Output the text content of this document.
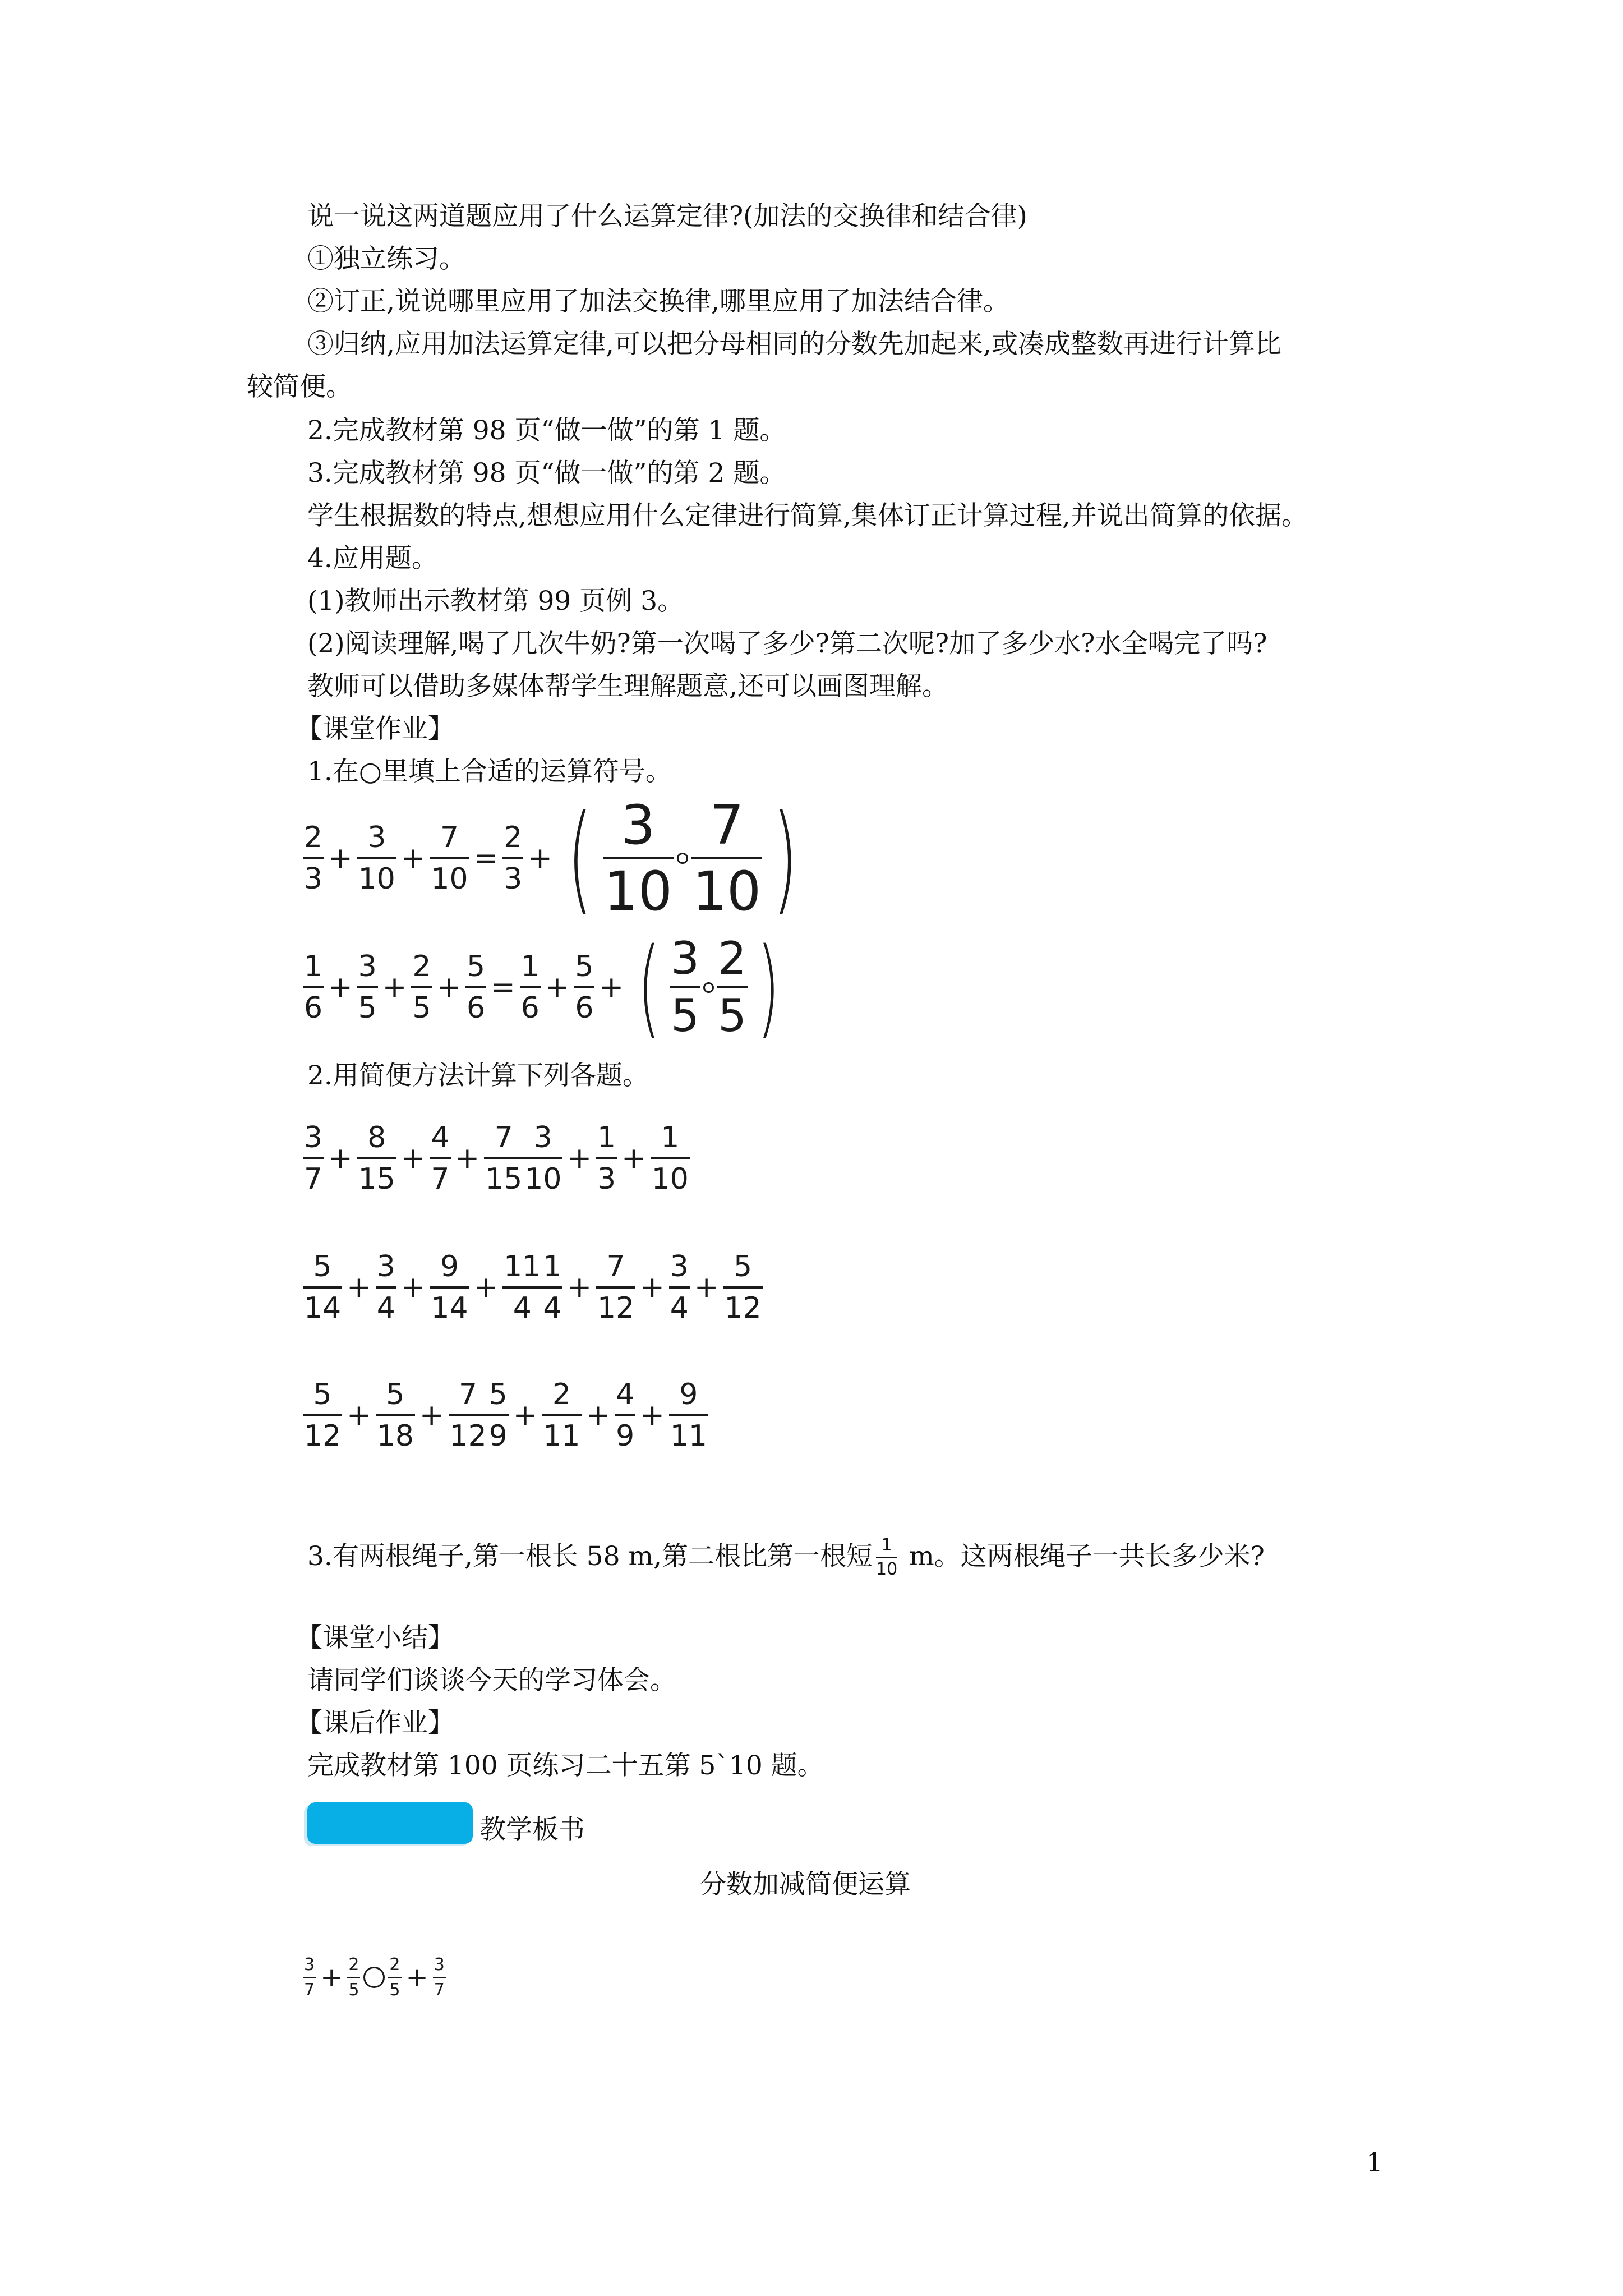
说一说这两道题应用了什么运算定律?(加法的交换律和结合律)
①独立练习。
②订正,说说哪里应用了加法交换律,哪里应用了加法结合律。
③归纳,应用加法运算定律,可以把分母相同的分数先加起来,或凑成整数再进行计算比
较简便。
2.完成教材第 98 页“做一做”的第 1 题。
3.完成教材第 98 页“做一做”的第 2 题。
学生根据数的特点,想想应用什么定律进行简算,集体订正计算过程,并说出简算的依据。
4.应用题。
(1)教师出示教材第 99 页例 3。
(2)阅读理解,喝了几次牛奶?第一次喝了多少?第二次呢?加了多少水?水全喝完了吗?
教师可以借助多媒体帮学生理解题意,还可以画图理解。
【课堂作业】
1.在○里填上合适的运算符号。
$\frac{2}{3} + \frac{3}{10} + \frac{7}{10} = \frac{2}{3}$ + ( $\frac{3}{10} \frac{7}{10}$ )
$\frac{1}{6} + \frac{3}{5} + \frac{2}{5} + \frac{5}{6} = \frac{1}{6} + \frac{5}{6}$ + ( $\frac{3}{5} \frac{2}{5}$ )
2.用简便方法计算下列各题。
$\frac{3}{7} + \frac{8}{15} + \frac{4}{7} + \frac{7}{15} \frac{3}{10} + \frac{1}{3} + \frac{1}{10}$
$\frac{5}{14} + \frac{3}{4} + \frac{9}{14} + \frac{11}{4} \frac{1}{4} + \frac{7}{12} + \frac{3}{4} + \frac{5}{12}$
$\frac{5}{12} + \frac{5}{18} + \frac{7}{12} \frac{5}{9} + \frac{2}{11} + \frac{4}{9} + \frac{9}{11}$
3.有两根绳子,第一根长 58 m,第二根比第一根短 $\frac{1}{10}$ m。这两根绳子一共长多少米?
【课堂小结】
请同学们谈谈今天的学习体会。
【课后作业】
完成教材第 100 页练习二十五第 5ˋ10 题。
教学板书
分数加减简便运算
$\frac{3}{7} + \frac{2}{5} \frac{2}{5} + \frac{3}{7}$
1
